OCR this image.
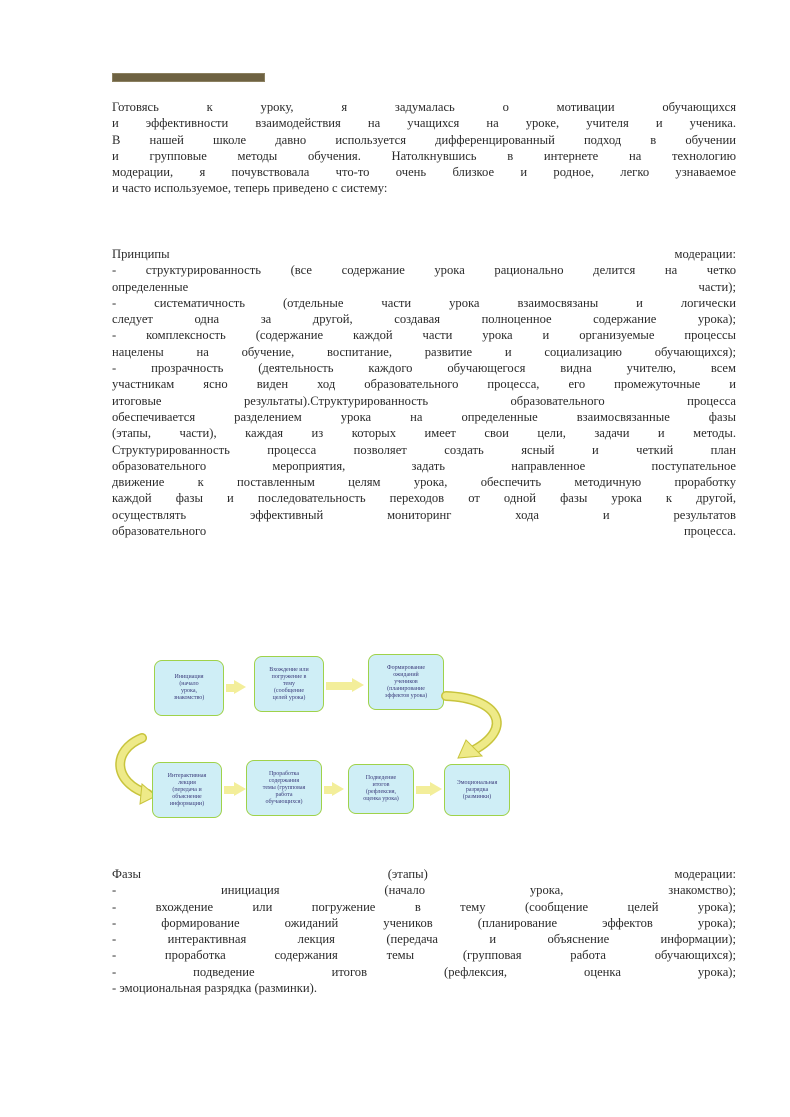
Готовясь к уроку, я задумалась о мотивации обучающихся
и эффективности взаимодействия на учащихся на уроке, учителя и ученика.
В нашей школе давно используется дифференцированный подход в обучении
и групповые методы обучения. Натолкнувшись в интернете на технологию
модерации, я почувствовала что-то очень близкое и родное, легко узнаваемое
и часто используемое, теперь приведено с систему:
Принципы модерации:
- структурированность (все содержание урока рационально делится на четко
определенные части);
- систематичность (отдельные части урока взаимосвязаны и логически
следует одна за другой, создавая полноценное содержание урока);
- комплексность (содержание каждой части урока и организуемые процессы
нацелены на обучение, воспитание, развитие и социализацию обучающихся);
- прозрачность (деятельность каждого обучающегося видна учителю, всем
участникам ясно виден ход образовательного процесса, его промежуточные и
итоговые результаты).Структурированность образовательного процесса
обеспечивается разделением урока на определенные взаимосвязанные фазы
(этапы, части), каждая из которых имеет свои цели, задачи и методы.
Структурированность процесса позволяет создать ясный и четкий план
образовательного мероприятия, задать направленное поступательное
движение к поставленным целям урока, обеспечить методичную проработку
каждой фазы и последовательность переходов от одной фазы урока к другой,
осуществлять эффективный мониторинг хода и результатов
образовательного процесса.
Инициация
(начало
урока,
знакомство)
Вхождение или
погружение в
тему
(сообщение
целей урока)
Формирование
ожиданий
учеников
(планирование
эффектов урока)
Интерактивная
лекция
(передача и
объяснение
информации)
Проработка
содержания
темы (групповая
работа
обучающихся)
Подведение
итогов
(рефлексия,
оценка урока)
Эмоциональная
разрядка
(разминки)
Фазы (этапы) модерации:
- инициация (начало урока, знакомство);
- вхождение или погружение в тему (сообщение целей урока);
- формирование ожиданий учеников (планирование эффектов урока);
- интерактивная лекция (передача и объяснение информации);
- проработка содержания темы (групповая работа обучающихся);
- подведение итогов (рефлексия, оценка урока);
- эмоциональная разрядка (разминки).
